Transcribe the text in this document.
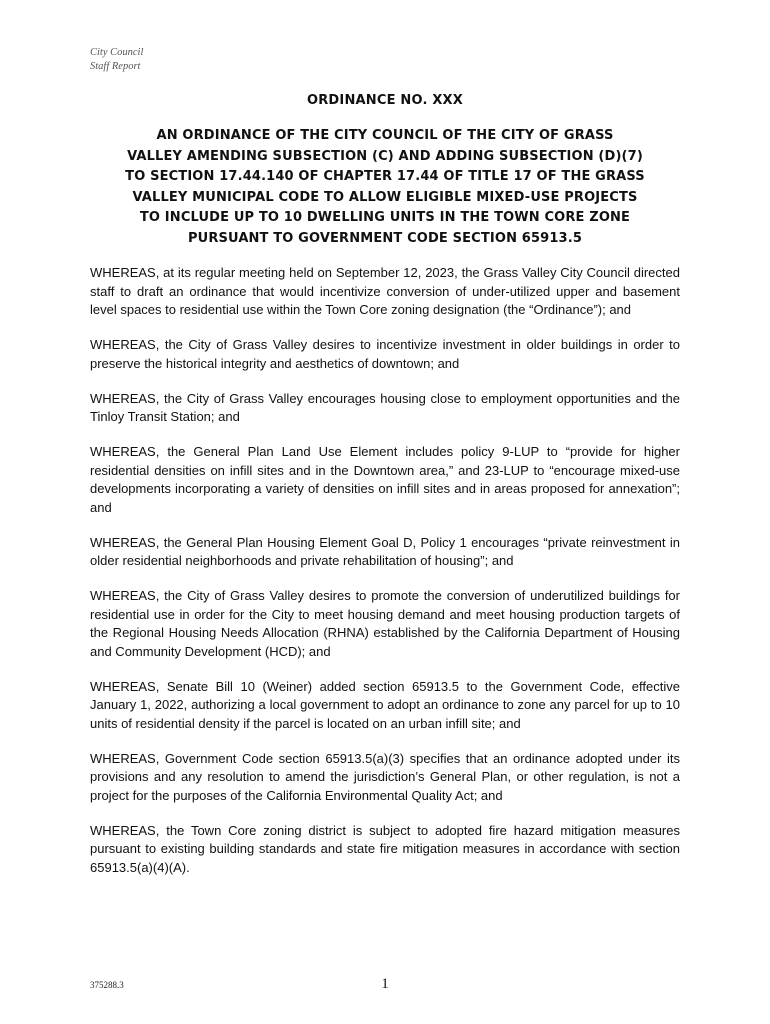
City Council
Staff Report
ORDINANCE NO. XXX
AN ORDINANCE OF THE CITY COUNCIL OF THE CITY OF GRASS
VALLEY AMENDING SUBSECTION (C) AND ADDING SUBSECTION (D)(7)
TO SECTION 17.44.140 OF CHAPTER 17.44 OF TITLE 17 OF THE GRASS
VALLEY MUNICIPAL CODE TO ALLOW ELIGIBLE MIXED-USE PROJECTS
TO INCLUDE UP TO 10 DWELLING UNITS IN THE TOWN CORE ZONE
PURSUANT TO GOVERNMENT CODE SECTION 65913.5

WHEREAS, at its regular meeting held on September 12, 2023, the Grass Valley City Council directed staff to draft an ordinance that would incentivize conversion of under-utilized upper and basement level spaces to residential use within the Town Core zoning designation (the “Ordinance”); and

WHEREAS, the City of Grass Valley desires to incentivize investment in older buildings in order to preserve the historical integrity and aesthetics of downtown; and

WHEREAS, the City of Grass Valley encourages housing close to employment opportunities and the Tinloy Transit Station; and

WHEREAS, the General Plan Land Use Element includes policy 9-LUP to “provide for higher residential densities on infill sites and in the Downtown area,” and 23-LUP to “encourage mixed-use developments incorporating a variety of densities on infill sites and in areas proposed for annexation”; and

WHEREAS, the General Plan Housing Element Goal D, Policy 1 encourages “private reinvestment in older residential neighborhoods and private rehabilitation of housing”; and

WHEREAS, the City of Grass Valley desires to promote the conversion of underutilized buildings for residential use in order for the City to meet housing demand and meet housing production targets of the Regional Housing Needs Allocation (RHNA) established by the California Department of Housing and Community Development (HCD); and

WHEREAS, Senate Bill 10 (Weiner) added section 65913.5 to the Government Code, effective January 1, 2022, authorizing a local government to adopt an ordinance to zone any parcel for up to 10 units of residential density if the parcel is located on an urban infill site; and

WHEREAS, Government Code section 65913.5(a)(3) specifies that an ordinance adopted under its provisions and any resolution to amend the jurisdiction’s General Plan, or other regulation, is not a project for the purposes of the California Environmental Quality Act; and

WHEREAS, the Town Core zoning district is subject to adopted fire hazard mitigation measures pursuant to existing building standards and state fire mitigation measures in accordance with section 65913.5(a)(4)(A).

375288.3	1
